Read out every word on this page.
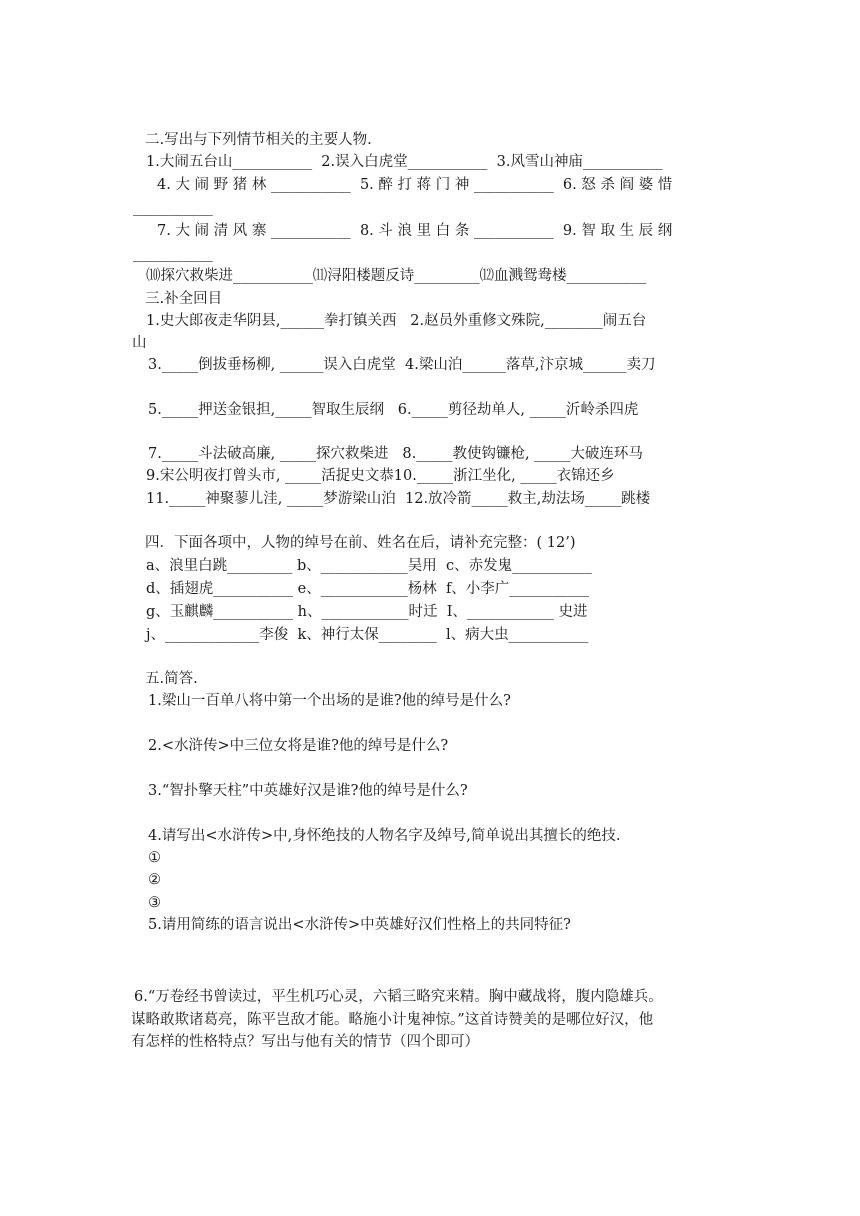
二.写出与下列情节相关的主要人物.
1.大闹五台山___________  2.误入白虎堂___________  3.风雪山神庙___________
4. 大 闹 野 猪 林 ___________  5. 醉 打 蒋 门 神 ___________  6. 怒 杀 阎 婆 惜
___________
7. 大 闹 清 风 寨 ___________  8. 斗 浪 里 白 条 ___________  9. 智 取 生 辰 纲
___________
⑽探穴救柴进___________⑾浔阳楼题反诗_________⑿血溅鸳鸯楼___________
三.补全回目
1.史大郎夜走华阴县,______拳打镇关西   2.赵员外重修文殊院,________闹五台
山
3._____倒拔垂杨柳, ______误入白虎堂  4.梁山泊______落草,汴京城______卖刀
5._____押送金银担,_____智取生辰纲   6._____剪径劫单人, _____沂岭杀四虎
7._____斗法破高廉, _____探穴救柴进   8._____教使钩镰枪, _____大破连环马
9.宋公明夜打曾头市, _____活捉史文恭10._____浙江坐化, _____衣锦还乡
11._____神聚蓼儿洼, _____梦游梁山泊  12.放冷箭_____救主,劫法场_____跳楼
四．下面各项中，人物的绰号在前、姓名在后，请补充完整：( 12’)
a、浪里白跳_________ b、____________吴用  c、赤发鬼___________
d、插翅虎___________ e、____________杨林  f、小李广___________
g、玉麒麟___________ h、____________时迁  I、____________ 史进
j、_____________李俊  k、神行太保________  l、病大虫___________
五.简答.
1.梁山一百单八将中第一个出场的是谁?他的绰号是什么?
2.<水浒传>中三位女将是谁?他的绰号是什么?
3.“智扑擎天柱”中英雄好汉是谁?他的绰号是什么?
4.请写出<水浒传>中,身怀绝技的人物名字及绰号,简单说出其擅长的绝技.
①
②
③
5.请用简练的语言说出<水浒传>中英雄好汉们性格上的共同特征?
6.“万卷经书曾读过，平生机巧心灵，六韬三略究来精。胸中藏战将，腹内隐雄兵。
谋略敢欺诸葛亮，陈平岂敌才能。略施小计鬼神惊。”这首诗赞美的是哪位好汉，他
有怎样的性格特点？写出与他有关的情节（四个即可）
